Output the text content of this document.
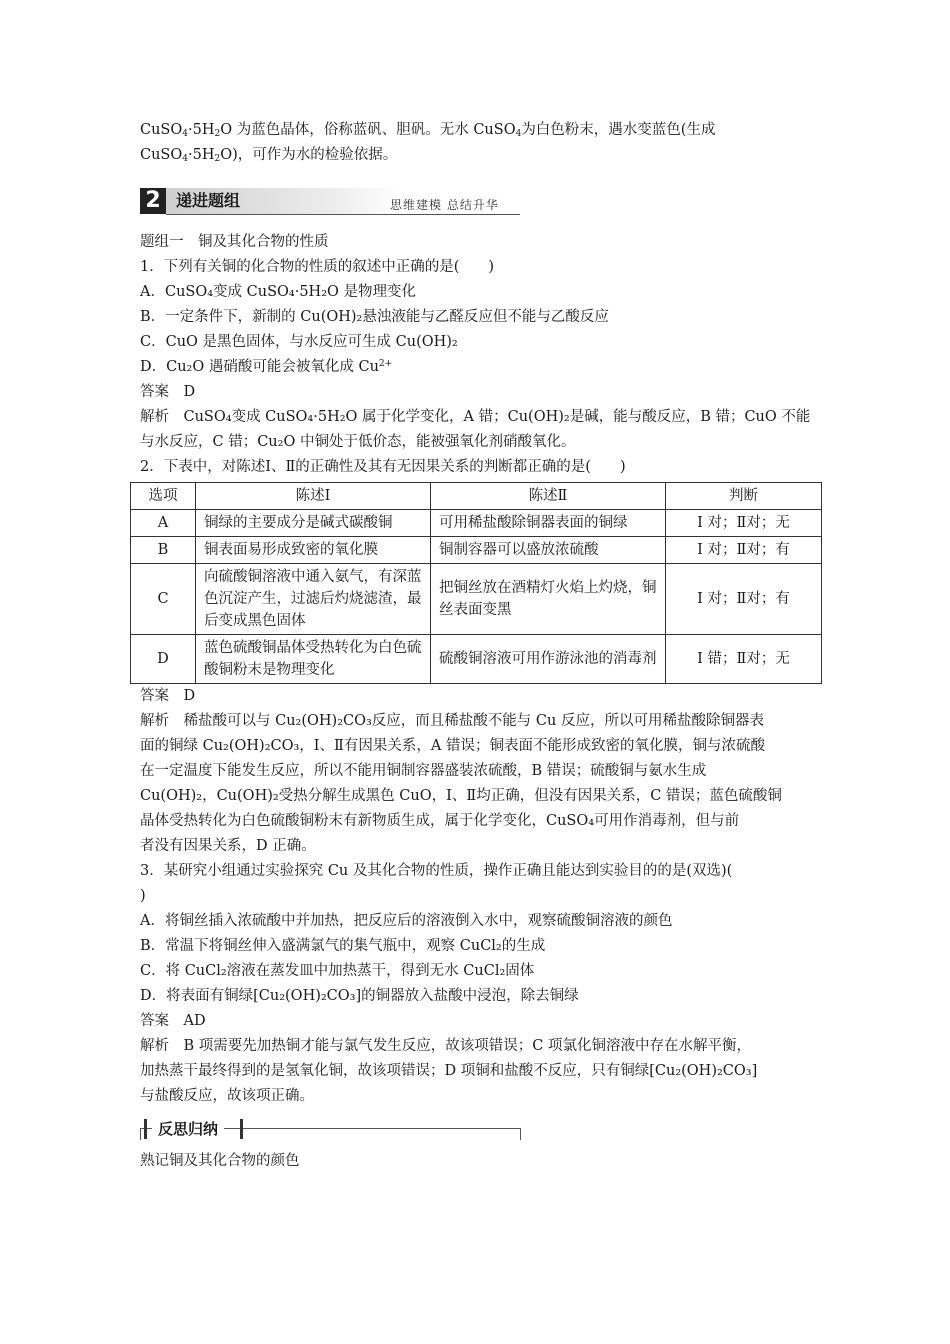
$CuSO_4\cdot 5H_2O$ 为蓝色晶体，俗称蓝矾、胆矾。无水 CuSO$_4$为白色粉末，遇水变蓝色(生成
$CuSO_4\cdot 5H_2O$)，可作为水的检验依据。
2 递进题组	思维建模 总结升华
题组一　铜及其化合物的性质
1．下列有关铜的化合物的性质的叙述中正确的是(　　)
A．CuSO₄变成 CuSO₄·5H₂O 是物理变化
B．一定条件下，新制的 Cu(OH)₂悬浊液能与乙醛反应但不能与乙酸反应
C．CuO 是黑色固体，与水反应可生成 Cu(OH)₂
D．Cu₂O 遇硝酸可能会被氧化成 $Cu^{2+}$
答案　D
解析　CuSO₄变成 CuSO₄·5H₂O 属于化学变化，A 错；Cu(OH)₂是碱，能与酸反应，B 错；CuO 不能
与水反应，C 错；Cu₂O 中铜处于低价态，能被强氧化剂硝酸氧化。
2．下表中，对陈述Ⅰ、Ⅱ的正确性及其有无因果关系的判断都正确的是(　　)
选项	陈述Ⅰ	陈述Ⅱ	判断
A	铜绿的主要成分是碱式碳酸铜	可用稀盐酸除铜器表面的铜绿	Ⅰ 对；Ⅱ对；无
B	铜表面易形成致密的氧化膜	铜制容器可以盛放浓硫酸	Ⅰ 对；Ⅱ对；有
C	向硫酸铜溶液中通入氨气，有深蓝色沉淀产生，过滤后灼烧滤渣，最后变成黑色固体	把铜丝放在酒精灯火焰上灼烧，铜丝表面变黑	Ⅰ 对；Ⅱ对；有
D	蓝色硫酸铜晶体受热转化为白色硫酸铜粉末是物理变化	硫酸铜溶液可用作游泳池的消毒剂	Ⅰ 错；Ⅱ对；无
答案　D
解析　稀盐酸可以与 Cu₂(OH)₂CO₃反应，而且稀盐酸不能与 Cu 反应，所以可用稀盐酸除铜器表
面的铜绿 Cu₂(OH)₂CO₃，Ⅰ、Ⅱ有因果关系，A 错误；铜表面不能形成致密的氧化膜，铜与浓硫酸
在一定温度下能发生反应，所以不能用铜制容器盛装浓硫酸，B 错误；硫酸铜与氨水生成
Cu(OH)₂，Cu(OH)₂受热分解生成黑色 CuO，Ⅰ、Ⅱ均正确，但没有因果关系，C 错误；蓝色硫酸铜
晶体受热转化为白色硫酸铜粉末有新物质生成，属于化学变化，CuSO₄可用作消毒剂，但与前
者没有因果关系，D 正确。
3．某研究小组通过实验探究 Cu 及其化合物的性质，操作正确且能达到实验目的的是(双选)(
)
A．将铜丝插入浓硫酸中并加热，把反应后的溶液倒入水中，观察硫酸铜溶液的颜色
B．常温下将铜丝伸入盛满氯气的集气瓶中，观察 CuCl₂的生成
C．将 CuCl₂溶液在蒸发皿中加热蒸干，得到无水 CuCl₂固体
D．将表面有铜绿[Cu₂(OH)₂CO₃]的铜器放入盐酸中浸泡，除去铜绿
答案　AD
解析　B 项需要先加热铜才能与氯气发生反应，故该项错误；C 项氯化铜溶液中存在水解平衡，
加热蒸干最终得到的是氢氧化铜，故该项错误；D 项铜和盐酸不反应，只有铜绿[Cu₂(OH)₂CO₃]
与盐酸反应，故该项正确。
反思归纳
熟记铜及其化合物的颜色
